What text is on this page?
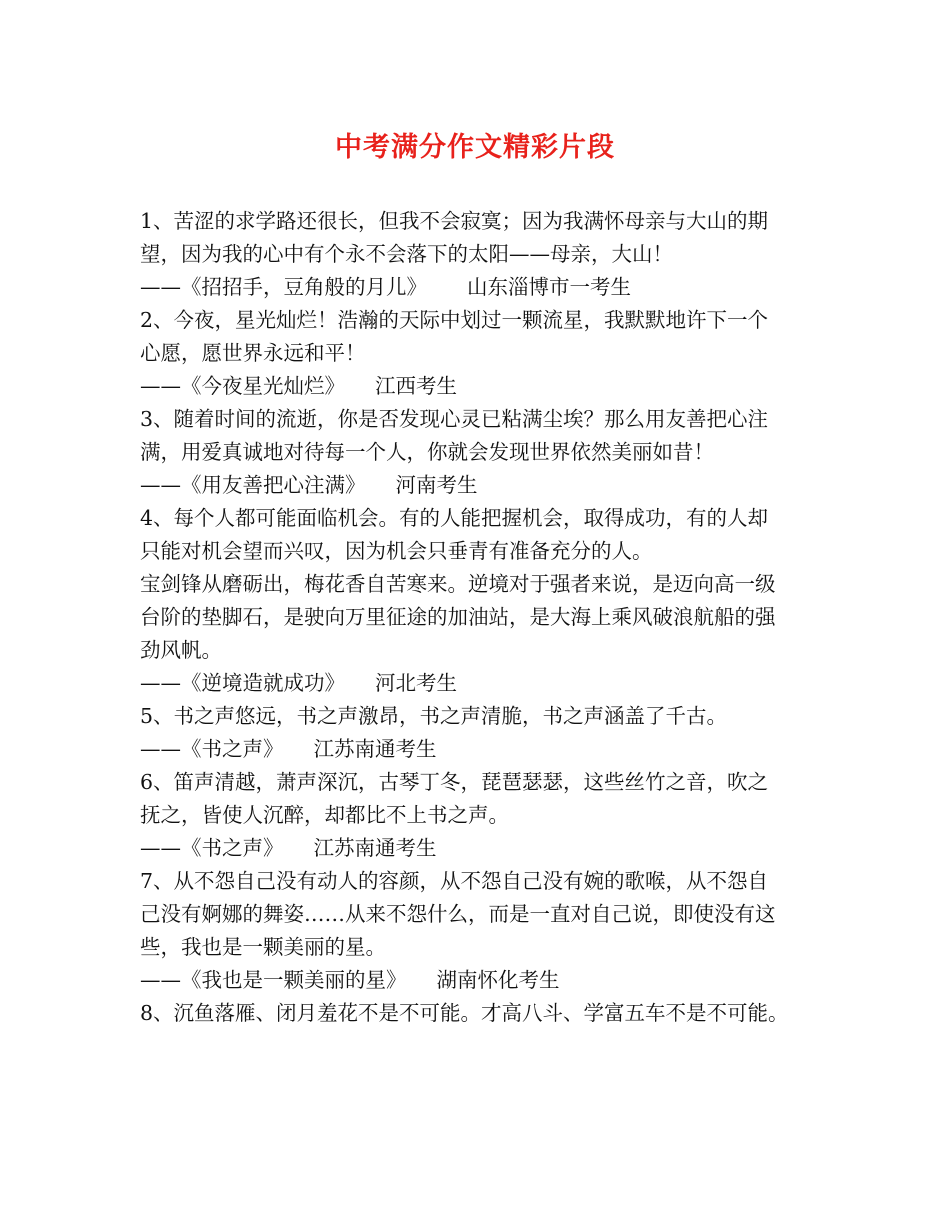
中考满分作文精彩片段
1、苦涩的求学路还很长，但我不会寂寞；因为我满怀母亲与大山的期
望，因为我的心中有个永不会落下的太阳——母亲，大山！
——《招招手，豆角般的月儿》 山东淄博市一考生
2、今夜，星光灿烂！浩瀚的天际中划过一颗流星，我默默地许下一个
心愿，愿世界永远和平！
——《今夜星光灿烂》 江西考生
3、随着时间的流逝，你是否发现心灵已粘满尘埃？那么用友善把心注
满，用爱真诚地对待每一个人，你就会发现世界依然美丽如昔！
——《用友善把心注满》 河南考生
4、每个人都可能面临机会。有的人能把握机会，取得成功，有的人却
只能对机会望而兴叹，因为机会只垂青有准备充分的人。
宝剑锋从磨砺出，梅花香自苦寒来。逆境对于强者来说，是迈向高一级
台阶的垫脚石，是驶向万里征途的加油站，是大海上乘风破浪航船的强
劲风帆。
——《逆境造就成功》 河北考生
5、书之声悠远，书之声激昂，书之声清脆，书之声涵盖了千古。
——《书之声》 江苏南通考生
6、笛声清越，萧声深沉，古琴丁冬，琵琶瑟瑟，这些丝竹之音，吹之
抚之，皆使人沉醉，却都比不上书之声。
——《书之声》 江苏南通考生
7、从不怨自己没有动人的容颜，从不怨自己没有婉的歌喉，从不怨自
己没有婀娜的舞姿……从来不怨什么，而是一直对自己说，即使没有这
些，我也是一颗美丽的星。
——《我也是一颗美丽的星》 湖南怀化考生
8、沉鱼落雁、闭月羞花不是不可能。才高八斗、学富五车不是不可能。
